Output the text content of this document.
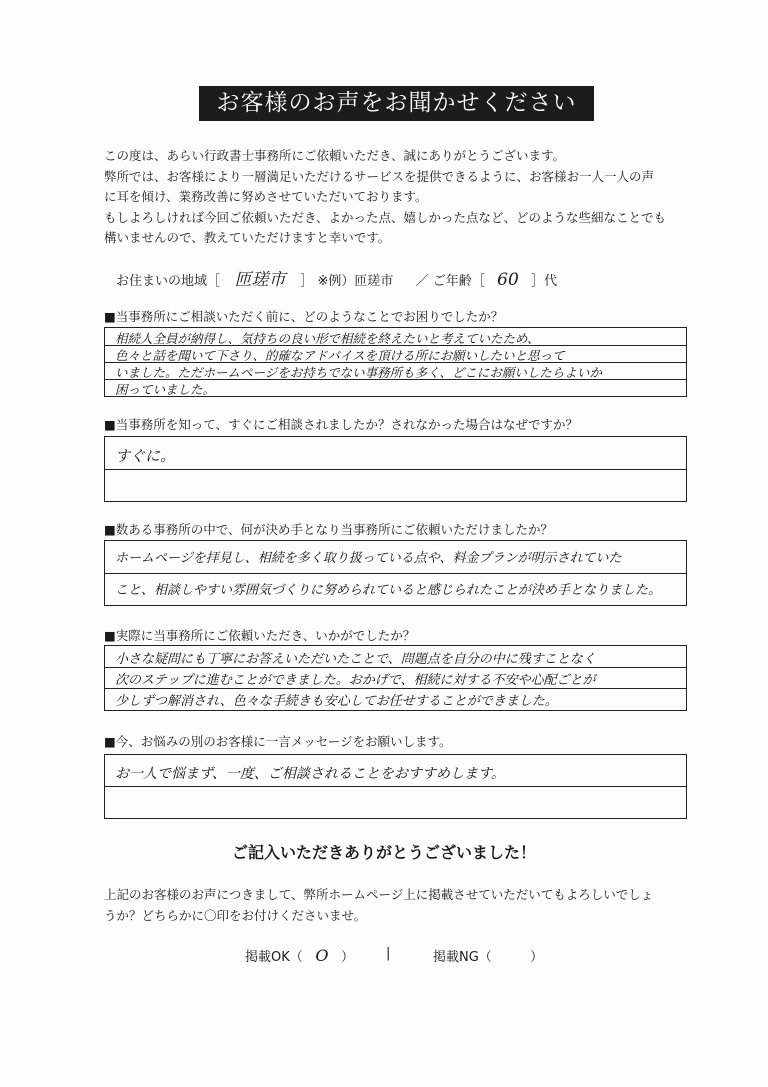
お客様のお声をお聞かせください
この度は、あらい行政書士事務所にご依頼いただき、誠にありがとうございます。
弊所では、お客様により一層満足いただけるサービスを提供できるように、お客様お一人一人の声
に耳を傾け、業務改善に努めさせていただいております。
もしよろしければ今回ご依頼いただき、よかった点、嬉しかった点など、どのような些細なことでも
構いませんので、教えていただけますと幸いです。
お住まいの地域［ 匝瑳市 ］ ※例）匝瑳市 ／ ご年齢［ 60 ］代
■当事務所にご相談いただく前に、どのようなことでお困りでしたか？
相続人全員が納得し、気持ちの良い形で相続を終えたいと考えていたため、
色々と話を聞いて下さり、的確なアドバイスを頂ける所にお願いしたいと思って
いました。ただホームページをお持ちでない事務所も多く、どこにお願いしたらよいか
困っていました。
■当事務所を知って、すぐにご相談されましたか？されなかった場合はなぜですか？
すぐに。
■数ある事務所の中で、何が決め手となり当事務所にご依頼いただけましたか？
ホームページを拝見し、相続を多く取り扱っている点や、料金プランが明示されていた
こと、相談しやすい雰囲気づくりに努められていると感じられたことが決め手となりました。
■実際に当事務所にご依頼いただき、いかがでしたか？
小さな疑問にも丁寧にお答えいただいたことで、問題点を自分の中に残すことなく
次のステップに進むことができました。おかげで、相続に対する不安や心配ごとが
少しずつ解消され、色々な手続きも安心してお任せすることができました。
■今、お悩みの別のお客様に一言メッセージをお願いします。
お一人で悩まず、一度、ご相談されることをおすすめします。
ご記入いただきありがとうございました！
上記のお客様のお声につきまして、弊所ホームページ上に掲載させていただいてもよろしいでしょ
うか？どちらかに〇印をお付けくださいませ。
掲載OK（ O ） |	掲載NG（	）
